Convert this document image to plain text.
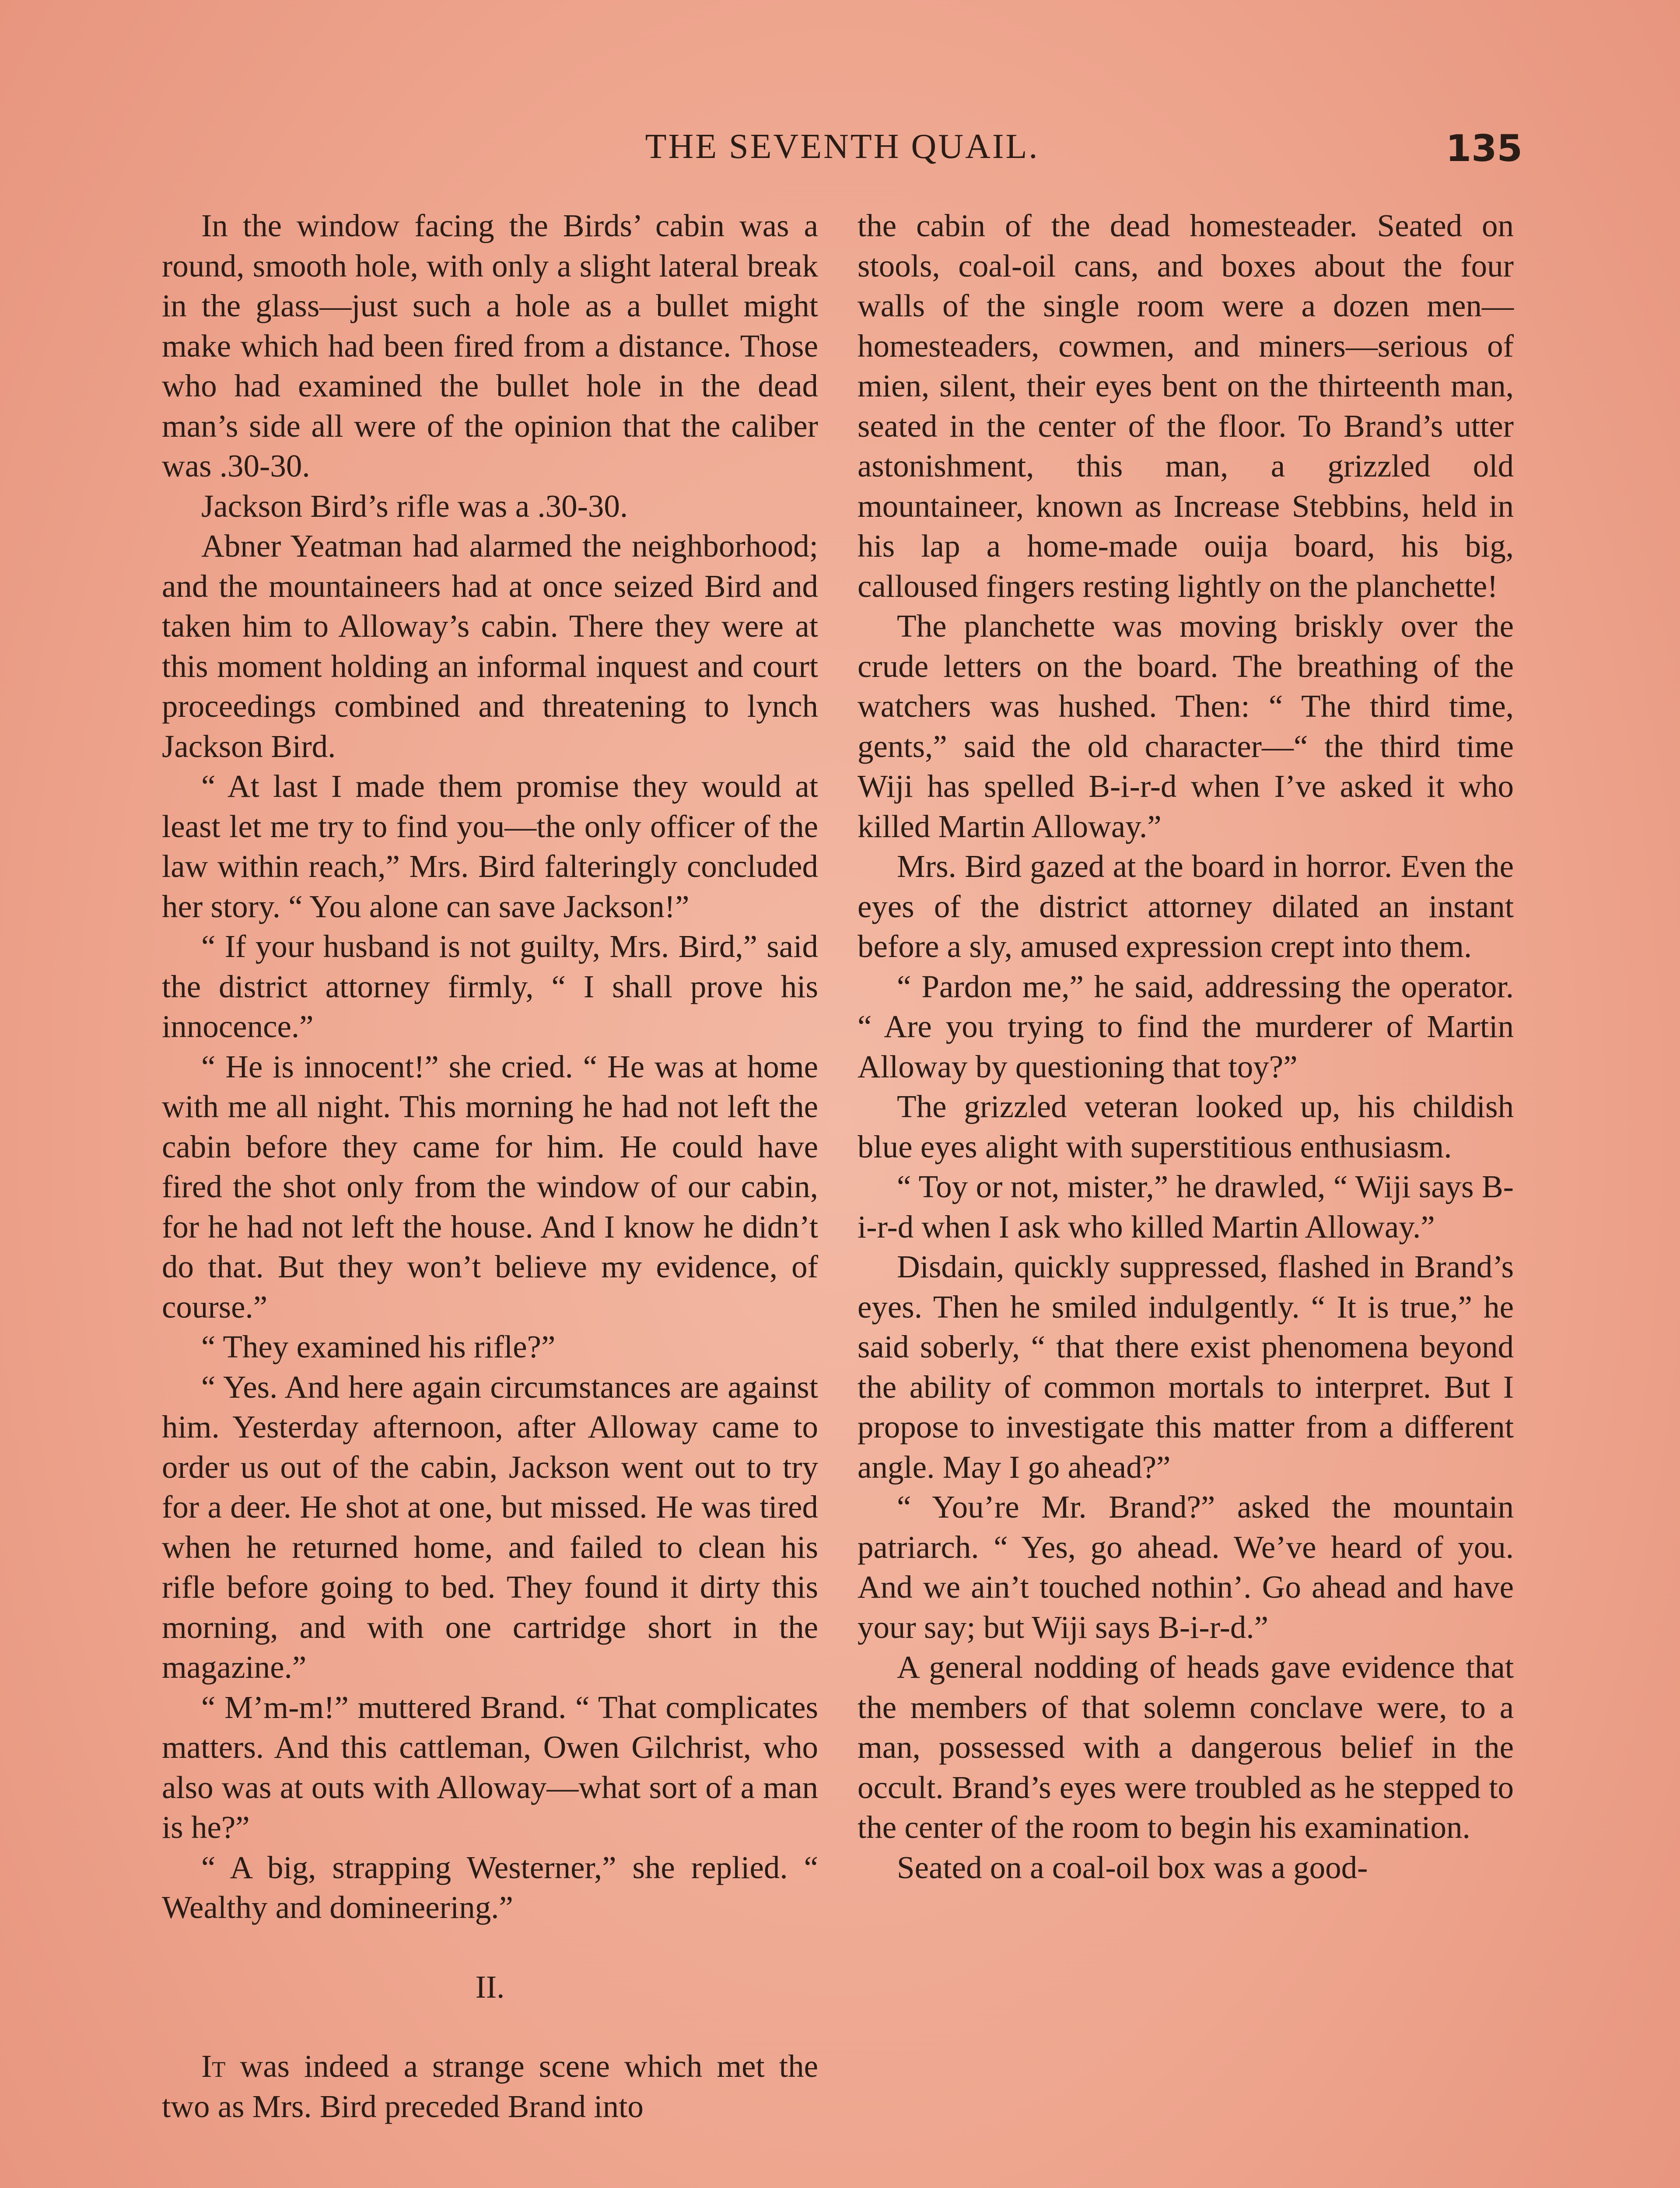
THE SEVENTH QUAIL.	135

In the window facing the Birds’ cabin was a round, smooth hole, with only a slight lateral break in the glass—just such a hole as a bullet might make which had been fired from a distance. Those who had examined the bullet hole in the dead man’s side all were of the opinion that the caliber was .30-30.

Jackson Bird’s rifle was a .30-30.

Abner Yeatman had alarmed the neighborhood; and the mountaineers had at once seized Bird and taken him to Alloway’s cabin. There they were at this moment holding an informal inquest and court proceedings combined and threatening to lynch Jackson Bird.

“ At last I made them promise they would at least let me try to find you—the only officer of the law within reach,” Mrs. Bird falteringly concluded her story. “ You alone can save Jackson!”

“ If your husband is not guilty, Mrs. Bird,” said the district attorney firmly, “ I shall prove his innocence.”

“ He is innocent!” she cried. “ He was at home with me all night. This morning he had not left the cabin before they came for him. He could have fired the shot only from the window of our cabin, for he had not left the house. And I know he didn’t do that. But they won’t believe my evidence, of course.”

“ They examined his rifle?”

“ Yes. And here again circumstances are against him. Yesterday afternoon, after Alloway came to order us out of the cabin, Jackson went out to try for a deer. He shot at one, but missed. He was tired when he returned home, and failed to clean his rifle before going to bed. They found it dirty this morning, and with one cartridge short in the magazine.”

“ M’m-m!” muttered Brand. “ That complicates matters. And this cattleman, Owen Gilchrist, who also was at outs with Alloway—what sort of a man is he?”

“ A big, strapping Westerner,” she replied. “ Wealthy and domineering.”

II.

It was indeed a strange scene which met the two as Mrs. Bird preceded Brand into

the cabin of the dead homesteader. Seated on stools, coal-oil cans, and boxes about the four walls of the single room were a dozen men—homesteaders, cowmen, and miners—serious of mien, silent, their eyes bent on the thirteenth man, seated in the center of the floor. To Brand’s utter astonishment, this man, a grizzled old mountaineer, known as Increase Stebbins, held in his lap a home-made ouija board, his big, calloused fingers resting lightly on the planchette!

The planchette was moving briskly over the crude letters on the board. The breathing of the watchers was hushed. Then: “ The third time, gents,” said the old character—“ the third time Wiji has spelled B-i-r-d when I’ve asked it who killed Martin Alloway.”

Mrs. Bird gazed at the board in horror. Even the eyes of the district attorney dilated an instant before a sly, amused expression crept into them.

“ Pardon me,” he said, addressing the operator. “ Are you trying to find the murderer of Martin Alloway by questioning that toy?”

The grizzled veteran looked up, his childish blue eyes alight with superstitious enthusiasm.

“ Toy or not, mister,” he drawled, “ Wiji says B-i-r-d when I ask who killed Martin Alloway.”

Disdain, quickly suppressed, flashed in Brand’s eyes. Then he smiled indulgently. “ It is true,” he said soberly, “ that there exist phenomena beyond the ability of common mortals to interpret. But I propose to investigate this matter from a different angle. May I go ahead?”

“ You’re Mr. Brand?” asked the mountain patriarch. “ Yes, go ahead. We’ve heard of you. And we ain’t touched nothin’. Go ahead and have your say; but Wiji says B-i-r-d.”

A general nodding of heads gave evidence that the members of that solemn conclave were, to a man, possessed with a dangerous belief in the occult. Brand’s eyes were troubled as he stepped to the center of the room to begin his examination.

Seated on a coal-oil box was a good-
